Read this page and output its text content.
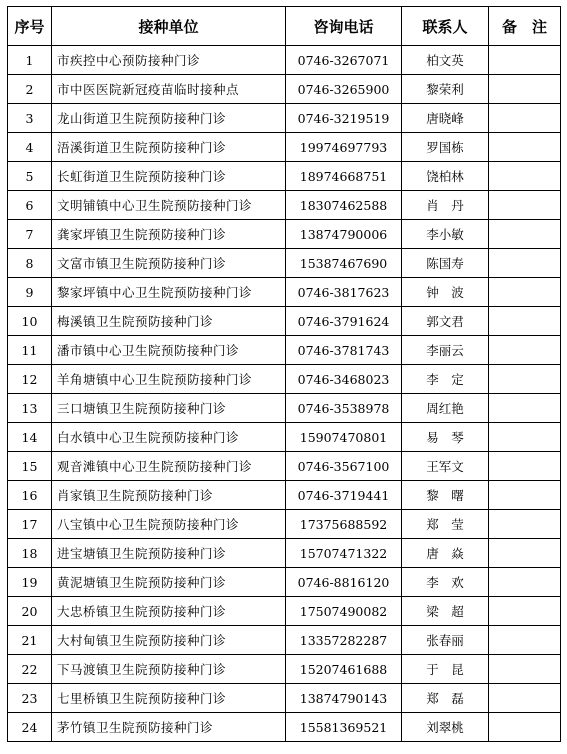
序号	接种单位	咨询电话	联系人	备　注
1	市疾控中心预防接种门诊	0746-3267071	柏文英	
2	市中医医院新冠疫苗临时接种点	0746-3265900	黎荣利	
3	龙山街道卫生院预防接种门诊	0746-3219519	唐晓峰	
4	浯溪街道卫生院预防接种门诊	19974697793	罗国栋	
5	长虹街道卫生院预防接种门诊	18974668751	饶柏林	
6	文明铺镇中心卫生院预防接种门诊	18307462588	肖　丹	
7	龚家坪镇卫生院预防接种门诊	13874790006	李小敏	
8	文富市镇卫生院预防接种门诊	15387467690	陈国寿	
9	黎家坪镇中心卫生院预防接种门诊	0746-3817623	钟　波	
10	梅溪镇卫生院预防接种门诊	0746-3791624	郭文君	
11	潘市镇中心卫生院预防接种门诊	0746-3781743	李丽云	
12	羊角塘镇中心卫生院预防接种门诊	0746-3468023	李　定	
13	三口塘镇卫生院预防接种门诊	0746-3538978	周红艳	
14	白水镇中心卫生院预防接种门诊	15907470801	易　琴	
15	观音滩镇中心卫生院预防接种门诊	0746-3567100	王军文	
16	肖家镇卫生院预防接种门诊	0746-3719441	黎　曙	
17	八宝镇中心卫生院预防接种门诊	17375688592	郑　莹	
18	进宝塘镇卫生院预防接种门诊	15707471322	唐　焱	
19	黄泥塘镇卫生院预防接种门诊	0746-8816120	李　欢	
20	大忠桥镇卫生院预防接种门诊	17507490082	梁　超	
21	大村甸镇卫生院预防接种门诊	13357282287	张春丽	
22	下马渡镇卫生院预防接种门诊	15207461688	于　昆	
23	七里桥镇卫生院预防接种门诊	13874790143	郑　磊	
24	茅竹镇卫生院预防接种门诊	15581369521	刘翠桃	
